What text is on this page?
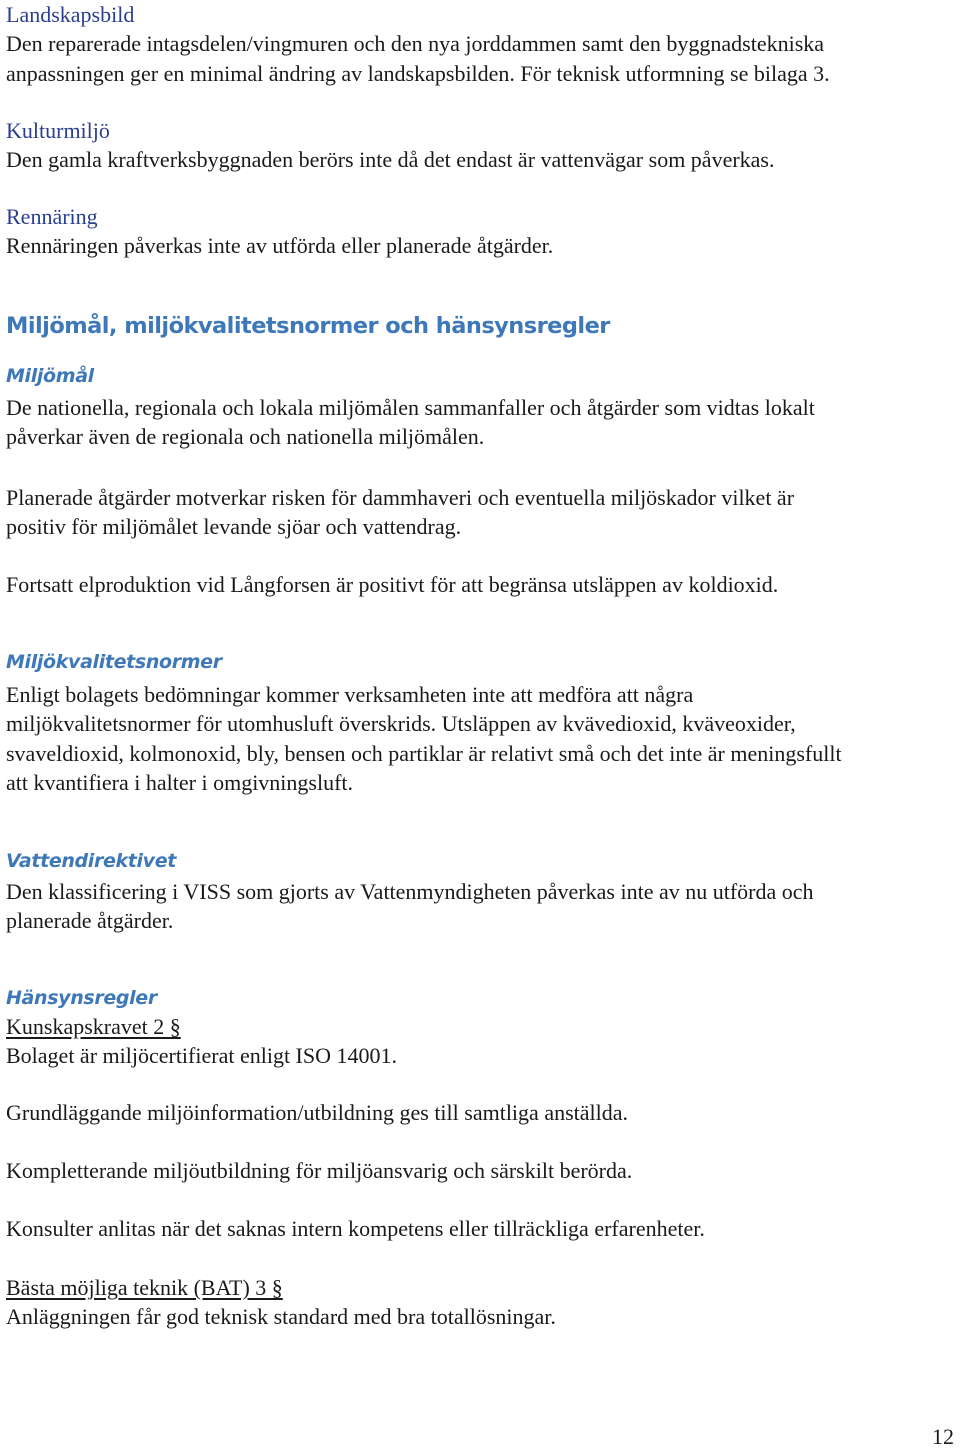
Landskapsbild
Den reparerade intagsdelen/vingmuren och den nya jorddammen samt den byggnadstekniska
anpassningen ger en minimal ändring av landskapsbilden. För teknisk utformning se bilaga 3.
Kulturmiljö
Den gamla kraftverksbyggnaden berörs inte då det endast är vattenvägar som påverkas.
Rennäring
Rennäringen påverkas inte av utförda eller planerade åtgärder.
Miljömål, miljökvalitetsnormer och hänsynsregler
Miljömål
De nationella, regionala och lokala miljömålen sammanfaller och åtgärder som vidtas lokalt
påverkar även de regionala och nationella miljömålen.
Planerade åtgärder motverkar risken för dammhaveri och eventuella miljöskador vilket är
positiv för miljömålet levande sjöar och vattendrag.
Fortsatt elproduktion vid Långforsen är positivt för att begränsa utsläppen av koldioxid.
Miljökvalitetsnormer
Enligt bolagets bedömningar kommer verksamheten inte att medföra att några
miljökvalitetsnormer för utomhusluft överskrids. Utsläppen av kvävedioxid, kväveoxider,
svaveldioxid, kolmonoxid, bly, bensen och partiklar är relativt små och det inte är meningsfullt
att kvantifiera i halter i omgivningsluft.
Vattendirektivet
Den klassificering i VISS som gjorts av Vattenmyndigheten påverkas inte av nu utförda och
planerade åtgärder.
Hänsynsregler
Kunskapskravet 2 §
Bolaget är miljöcertifierat enligt ISO 14001.
Grundläggande miljöinformation/utbildning ges till samtliga anställda.
Kompletterande miljöutbildning för miljöansvarig och särskilt berörda.
Konsulter anlitas när det saknas intern kompetens eller tillräckliga erfarenheter.
Bästa möjliga teknik (BAT) 3 §
Anläggningen får god teknisk standard med bra totallösningar.
12
